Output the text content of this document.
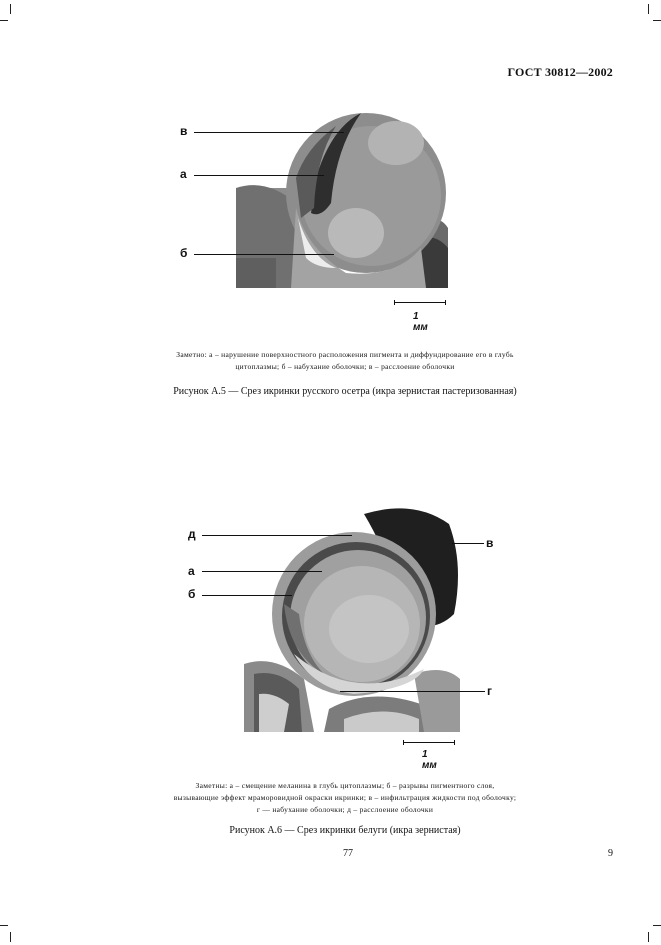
ГОСТ 30812—2002
в
а
б
1 мм
Заметно: а – нарушение поверхностного расположения пигмента и диффундирование его в глубь
цитоплазмы; б – набухание оболочки; в – расслоение оболочки
Рисунок А.5 — Срез икринки русского осетра (икра зернистая пастеризованная)
д
а
б
в
г
1 мм
Заметны: а – смещение меланина в глубь цитоплазмы; б – разрывы пигментного слоя,
вызывающие эффект мраморовидной окраски икринки; в – инфильтрация жидкости под оболочку;
г — набухание оболочки; д – расслоение оболочки
Рисунок А.6 — Срез икринки белуги (икра зернистая)
77	9
